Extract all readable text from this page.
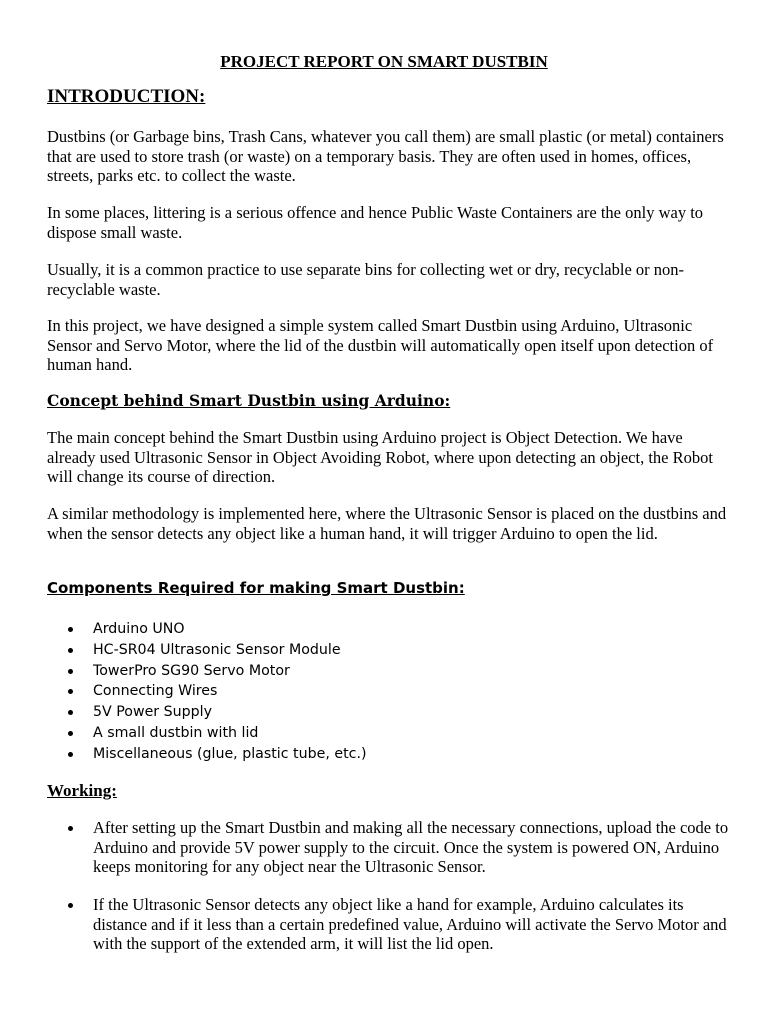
PROJECT REPORT ON SMART DUSTBIN
INTRODUCTION:

Dustbins (or Garbage bins, Trash Cans, whatever you call them) are small plastic (or metal) containers that are used to store trash (or waste) on a temporary basis. They are often used in homes, offices, streets, parks etc. to collect the waste.

In some places, littering is a serious offence and hence Public Waste Containers are the only way to dispose small waste.

Usually, it is a common practice to use separate bins for collecting wet or dry, recyclable or non-recyclable waste.

In this project, we have designed a simple system called Smart Dustbin using Arduino, Ultrasonic Sensor and Servo Motor, where the lid of the dustbin will automatically open itself upon detection of human hand.

Concept behind Smart Dustbin using Arduino:

The main concept behind the Smart Dustbin using Arduino project is Object Detection. We have already used Ultrasonic Sensor in Object Avoiding Robot, where upon detecting an object, the Robot will change its course of direction.

A similar methodology is implemented here, where the Ultrasonic Sensor is placed on the dustbins and when the sensor detects any object like a human hand, it will trigger Arduino to open the lid.

Components Required for making Smart Dustbin:
Arduino UNO
HC-SR04 Ultrasonic Sensor Module
TowerPro SG90 Servo Motor
Connecting Wires
5V Power Supply
A small dustbin with lid
Miscellaneous (glue, plastic tube, etc.)
Working:

After setting up the Smart Dustbin and making all the necessary connections, upload the code to Arduino and provide 5V power supply to the circuit. Once the system is powered ON, Arduino keeps monitoring for any object near the Ultrasonic Sensor.

If the Ultrasonic Sensor detects any object like a hand for example, Arduino calculates its distance and if it less than a certain predefined value, Arduino will activate the Servo Motor and with the support of the extended arm, it will list the lid open.
